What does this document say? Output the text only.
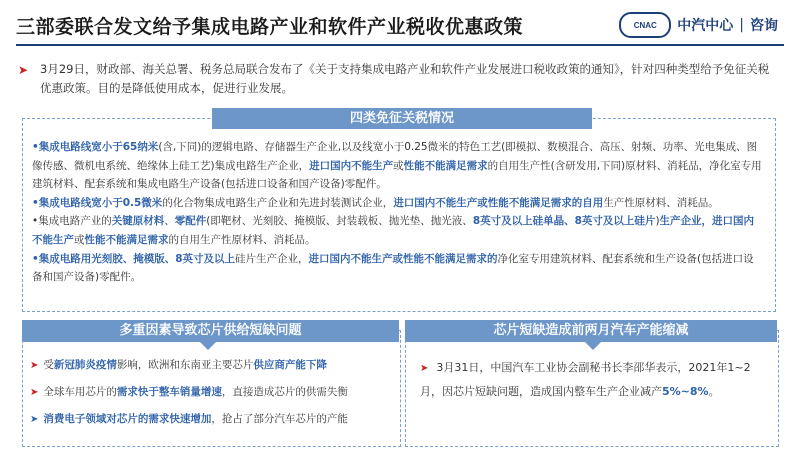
三部委联合发文给予集成电路产业和软件产业税收优惠政策	CNAC	中汽中心 | 咨询
➤ 3月29日，财政部、海关总署、税务总局联合发布了《关于支持集成电路产业和软件产业发展进口税收政策的通知》，针对四种类型给予免征关税优惠政策。目的是降低使用成本，促进行业发展。
四类免征关税情况

•集成电路线宽小于65纳米(含,下同)的逻辑电路、存储器生产企业,以及线宽小于0.25微米的特色工艺(即模拟、数模混合、高压、射频、功率、光电集成、图像传感、微机电系统、绝缘体上硅工艺)集成电路生产企业，进口国内不能生产或性能不能满足需求的自用生产性(含研发用,下同)原材料、消耗品，净化室专用建筑材料、配套系统和集成电路生产设备(包括进口设备和国产设备)零配件。

•集成电路线宽小于0.5微米的化合物集成电路生产企业和先进封装测试企业，进口国内不能生产或性能不能满足需求的自用生产性原材料、消耗品。

•集成电路产业的关键原材料、零配件(即靶材、光刻胶、掩模版、封装载板、抛光垫、抛光液、8英寸及以上硅单晶、8英寸及以上硅片)生产企业，进口国内不能生产或性能不能满足需求的自用生产性原材料、消耗品。

•集成电路用光刻胶、掩模版、8英寸及以上硅片生产企业，进口国内不能生产或性能不能满足需求的净化室专用建筑材料、配套系统和生产设备(包括进口设备和国产设备)零配件。

多重因素导致芯片供给短缺问题
➤ 受新冠肺炎疫情影响，欧洲和东南亚主要芯片供应商产能下降
➤ 全球车用芯片的需求快于整车销量增速，直接造成芯片的供需失衡
➤ 消费电子领域对芯片的需求快速增加，抢占了部分汽车芯片的产能
芯片短缺造成前两月汽车产能缩减
➤ 3月31日，中国汽车工业协会副秘书长李邵华表示，2021年1~2月，因芯片短缺问题，造成国内整车生产企业减产5%~8%。
